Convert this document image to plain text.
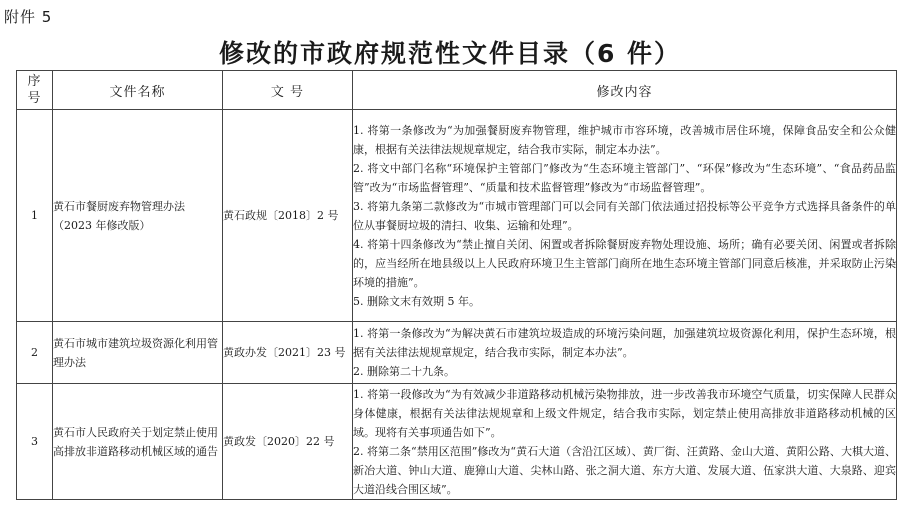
附件 5
修改的市政府规范性文件目录（6 件）
序
号	文件名称	文 号	修改内容
1	黄石市餐厨废弃物管理办法（2023 年修改版）	黄石政规〔2018〕2 号	1. 将第一条修改为“为加强餐厨废弃物管理，维护城市市容环境，改善城市居住环境，保障食品安全和公众健康，根据有关法律法规规章规定，结合我市实际，制定本办法”。
2. 将文中部门名称“环境保护主管部门”修改为“生态环境主管部门”、“环保”修改为“生态环境”、“食品药品监管”改为“市场监督管理”、“质量和技术监督管理”修改为“市场监督管理”。
3. 将第九条第二款修改为“市城市管理部门可以会同有关部门依法通过招投标等公平竞争方式选择具备条件的单位从事餐厨垃圾的清扫、收集、运输和处理”。
4. 将第十四条修改为“禁止擅自关闭、闲置或者拆除餐厨废弃物处理设施、场所；确有必要关闭、闲置或者拆除的，应当经所在地县级以上人民政府环境卫生主管部门商所在地生态环境主管部门同意后核准，并采取防止污染环境的措施”。
5. 删除文末有效期 5 年。

2	黄石市城市建筑垃圾资源化利用管理办法	黄政办发〔2021〕23 号	1. 将第一条修改为“为解决黄石市建筑垃圾造成的环境污染问题，加强建筑垃圾资源化利用，保护生态环境，根据有关法律法规规章规定，结合我市实际，制定本办法”。
2. 删除第二十九条。

3	黄石市人民政府关于划定禁止使用高排放非道路移动机械区域的通告	黄政发〔2020〕22 号	1. 将第一段修改为“为有效减少非道路移动机械污染物排放，进一步改善我市环境空气质量，切实保障人民群众身体健康，根据有关法律法规规章和上级文件规定，结合我市实际，划定禁止使用高排放非道路移动机械的区域。现将有关事项通告如下”。
2. 将第二条“禁用区范围”修改为“黄石大道（含沿江区域）、黄厂街、汪黄路、金山大道、黄阳公路、大棋大道、新冶大道、钟山大道、鹿獐山大道、尖林山路、张之洞大道、东方大道、发展大道、伍家洪大道、大泉路、迎宾大道沿线合围区域”。
